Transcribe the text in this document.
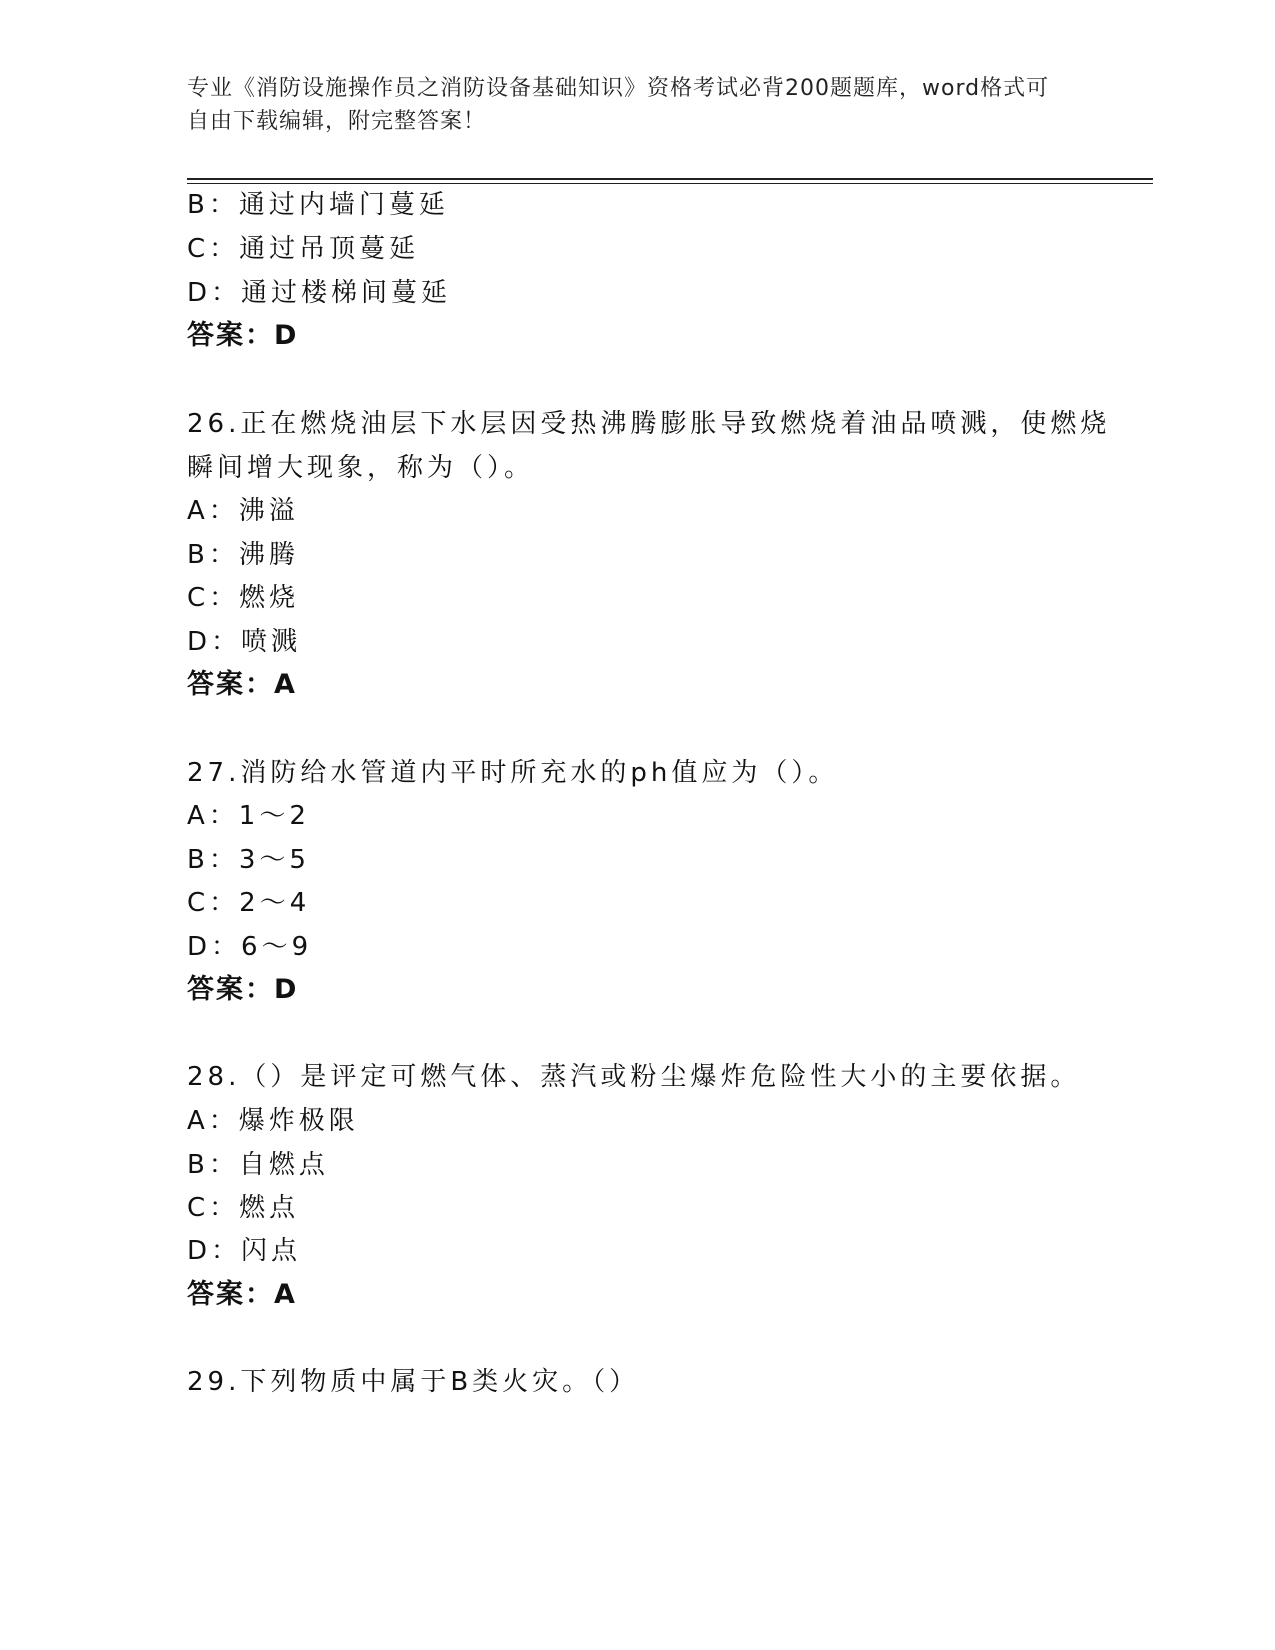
专业《消防设施操作员之消防设备基础知识》资格考试必背200题题库，word格式可自由下载编辑，附完整答案！
B：通过内墙门蔓延
C：通过吊顶蔓延
D：通过楼梯间蔓延
答案：D
26.正在燃烧油层下水层因受热沸腾膨胀导致燃烧着油品喷溅，使燃烧
瞬间增大现象，称为（）。
A：沸溢
B：沸腾
C：燃烧
D：喷溅
答案：A
27.消防给水管道内平时所充水的ph值应为（）。
A：1～2
B：3～5
C：2～4
D：6～9
答案：D
28.（）是评定可燃气体、蒸汽或粉尘爆炸危险性大小的主要依据。
A：爆炸极限
B：自燃点
C：燃点
D：闪点
答案：A
29.下列物质中属于B类火灾。（）
